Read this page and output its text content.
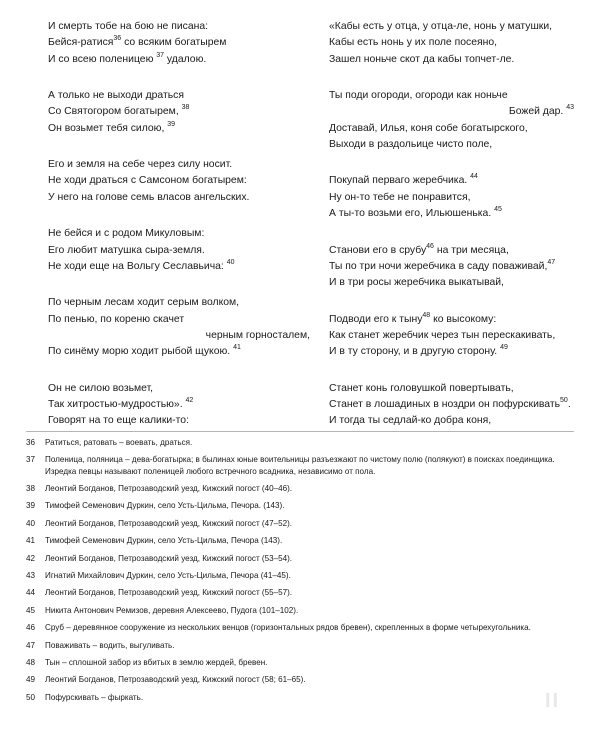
И смерть тобе на бою не писана:
Бейся-ратися$^{36}$ со всяким богатырем
И со всею поленицею $^{37}$ удалою.
А только не выходи драться
Со Святогором богатырем, $^{38}$
Он возьмет тебя силою, $^{39}$
Его и земля на себе через силу носит.
Не ходи драться с Самсоном богатырем:
У него на голове семь власов ангельских.
Не бейся и с родом Микуловым:
Его любит матушка сыра-земля.
Не ходи еще на Вольгу Сеславьича: $^{40}$
По черным лесам ходит серым волком,
По пенью, по кореню скачет
черным горносталем,
По синёму морю ходит рыбой щукою. $^{41}$
Он не силою возьмет,
Так хитростью-мудростью». $^{42}$
Говорят на то еще калики-то:
«Кабы есть у отца, у отца-ле, нонь у матушки,
Кабы есть нонь у их поле посеяно,
Зашел ноньче скот да кабы топчет-ле.
Ты поди огороди, огороди как ноньче
Божей дар. $^{43}$
Доставай, Илья, коня собе богатырского,
Выходи в раздольице чисто поле,
Покупай перваго жеребчика. $^{44}$
Ну он-то тебе не понравится,
А ты-то возьми его, Ильюшенька. $^{45}$
Станови его в срубу$^{46}$ на три месяца,
Ты по три ночи жеребчика в саду поваживай,$^{47}$
И в три росы жеребчика выкатывай,
Подводи его к тыну$^{48}$ ко высокому:
Как станет жеребчик через тын перескакивать,
И в ту сторону, и в другую сторону. $^{49}$
Станет конь головушкой повертывать,
Станет в лошадиных в ноздри он пофурскивать$^{50}$.
И тогда ты седлай-ко добра коня,
36	Ратиться, ратовать – воевать, драться.
37	Поленица, поляница – дева-богатырка; в былинах юные воительницы разъезжают по чистому полю (полякуют) в поисках поединщика. Изредка певцы называют поленицей любого встречного всадника, независимо от пола.
38	Леонтий Богданов, Петрозаводский уезд, Кижский погост (40–46).
39	Тимофей Семенович Дуркин, село Усть-Цильма, Печора. (143).
40	Леонтий Богданов, Петрозаводский уезд, Кижский погост (47–52).
41	Тимофей Семенович Дуркин, село Усть-Цильма, Печора (143).
42	Леонтий Богданов, Петрозаводский уезд, Кижский погост (53–54).
43	Игнатий Михайлович Дуркин, село Усть-Цильма, Печора (41–45).
44	Леонтий Богданов, Петрозаводский уезд, Кижский погост (55–57).
45	Никита Антонович Ремизов, деревня Алексеево, Пудога (101–102).
46	Сруб – деревянное сооружение из нескольких венцов (горизонтальных рядов бревен), скрепленных в форме четырехугольника.
47	Поваживать – водить, выгуливать.
48	Тын – сплошной забор из вбитых в землю жердей, бревен.
49	Леонтий Богданов, Петрозаводский уезд, Кижский погост (58; 61–65).
50	Пофурскивать – фыркать.	II
